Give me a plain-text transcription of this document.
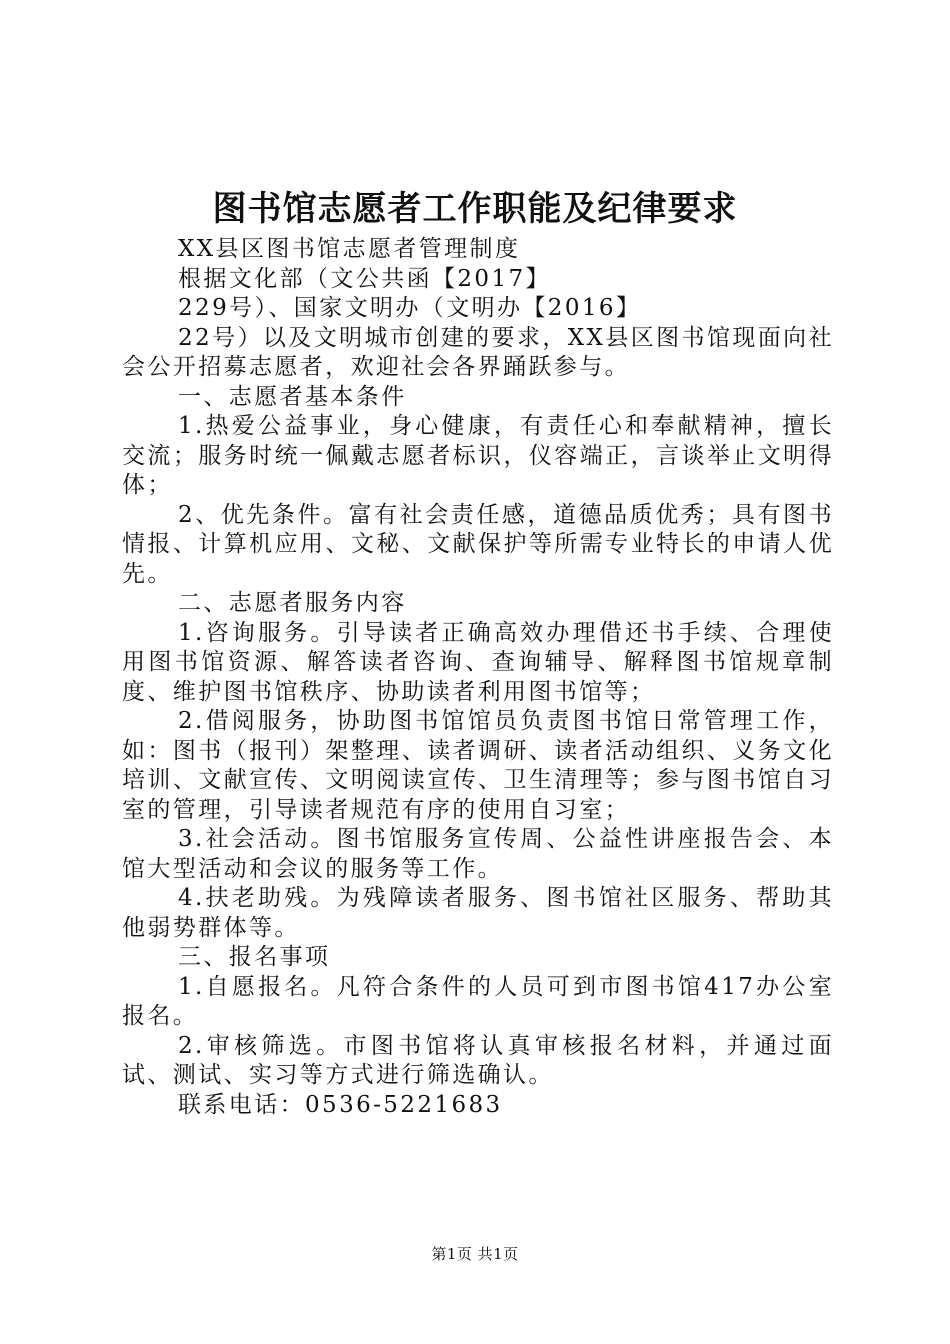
图书馆志愿者工作职能及纪律要求

XX县区图书馆志愿者管理制度

根据文化部（文公共函【2017】

229号）、国家文明办（文明办【2016】

22号）以及文明城市创建的要求，XX县区图书馆现面向社会公开招募志愿者，欢迎社会各界踊跃参与。

一、志愿者基本条件

1.热爱公益事业，身心健康，有责任心和奉献精神，擅长交流；服务时统一佩戴志愿者标识，仪容端正，言谈举止文明得体；

2、优先条件。富有社会责任感，道德品质优秀；具有图书情报、计算机应用、文秘、文献保护等所需专业特长的申请人优先。

二、志愿者服务内容

1.咨询服务。引导读者正确高效办理借还书手续、合理使用图书馆资源、解答读者咨询、查询辅导、解释图书馆规章制度、维护图书馆秩序、协助读者利用图书馆等；

2.借阅服务，协助图书馆馆员负责图书馆日常管理工作，如：图书（报刊）架整理、读者调研、读者活动组织、义务文化培训、文献宣传、文明阅读宣传、卫生清理等；参与图书馆自习室的管理，引导读者规范有序的使用自习室；

3.社会活动。图书馆服务宣传周、公益性讲座报告会、本馆大型活动和会议的服务等工作。

4.扶老助残。为残障读者服务、图书馆社区服务、帮助其他弱势群体等。

三、报名事项

1.自愿报名。凡符合条件的人员可到市图书馆417办公室报名。

2.审核筛选。市图书馆将认真审核报名材料，并通过面试、测试、实习等方式进行筛选确认。

联系电话：0536-5221683

第1页 共1页
